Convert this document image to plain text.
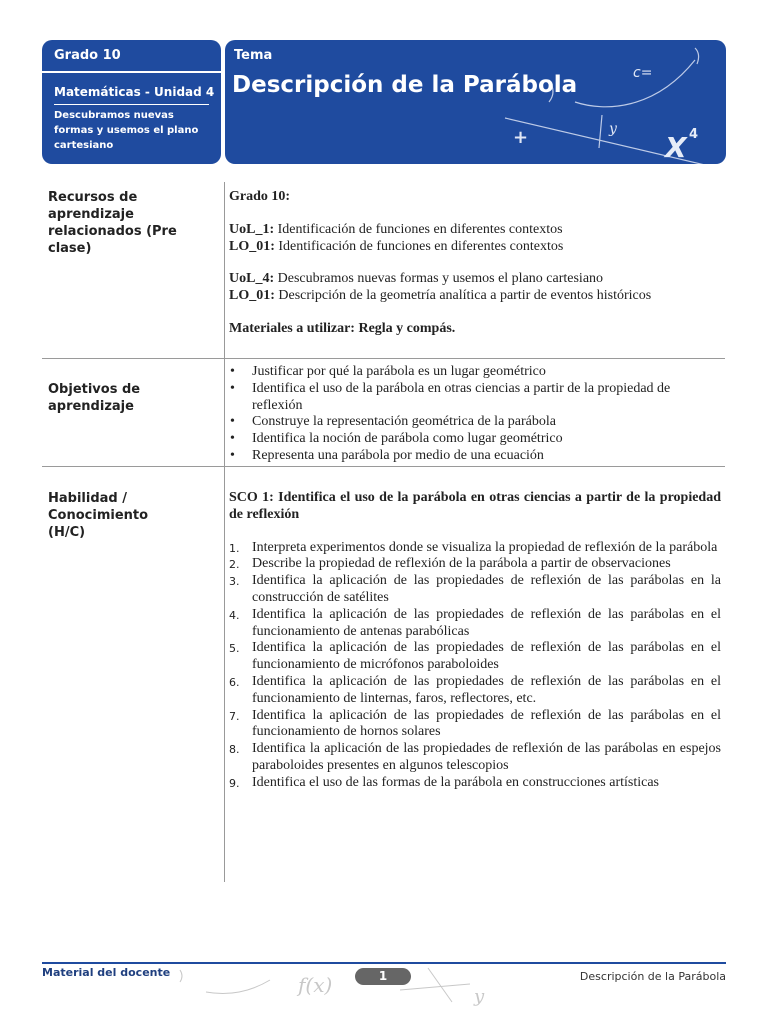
Grado 10
Matemáticas - Unidad 4
Descubramos nuevas formas y usemos el plano cartesiano
c=
y
+	X 4
Tema
Descripción de la Parábola
Recursos de aprendizaje relacionados (Pre clase)

Grado 10:

UoL_1: Identificación de funciones en diferentes contextos

LO_01: Identificación de funciones en diferentes contextos

UoL_4: Descubramos nuevas formas y usemos el plano cartesiano

LO_01: Descripción de la geometría analítica a partir de eventos históricos

Materiales a utilizar: Regla y compás.

Objetivos de aprendizaje
• Justificar por qué la parábola es un lugar geométrico
• Identifica el uso de la parábola en otras ciencias a partir de la propiedad de reflexión
• Construye la representación geométrica de la parábola
• Identifica la noción de parábola como lugar geométrico
• Representa una parábola por medio de una ecuación
Habilidad / Conocimiento (H/C)

SCO 1: Identifica el uso de la parábola en otras ciencias a partir de la propiedad de reflexión

1. Interpreta experimentos donde se visualiza la propiedad de reflexión de la parábola
2. Describe la propiedad de reflexión de la parábola a partir de observaciones
3. Identifica la aplicación de las propiedades de reflexión de las parábolas en la construcción de satélites
4. Identifica la aplicación de las propiedades de reflexión de las parábolas en el funcionamiento de antenas parabólicas
5. Identifica la aplicación de las propiedades de reflexión de las parábolas en el funcionamiento de micrófonos paraboloides
6. Identifica la aplicación de las propiedades de reflexión de las parábolas en el funcionamiento de linternas, faros, reflectores, etc.
7. Identifica la aplicación de las propiedades de reflexión de las parábolas en el funcionamiento de hornos solares
8. Identifica la aplicación de las propiedades de reflexión de las parábolas en espejos paraboloides presentes en algunos telescopios
9. Identifica el uso de las formas de la parábola en construcciones artísticas
Material del docente
f(x)	y
1	Descripción de la Parábola
